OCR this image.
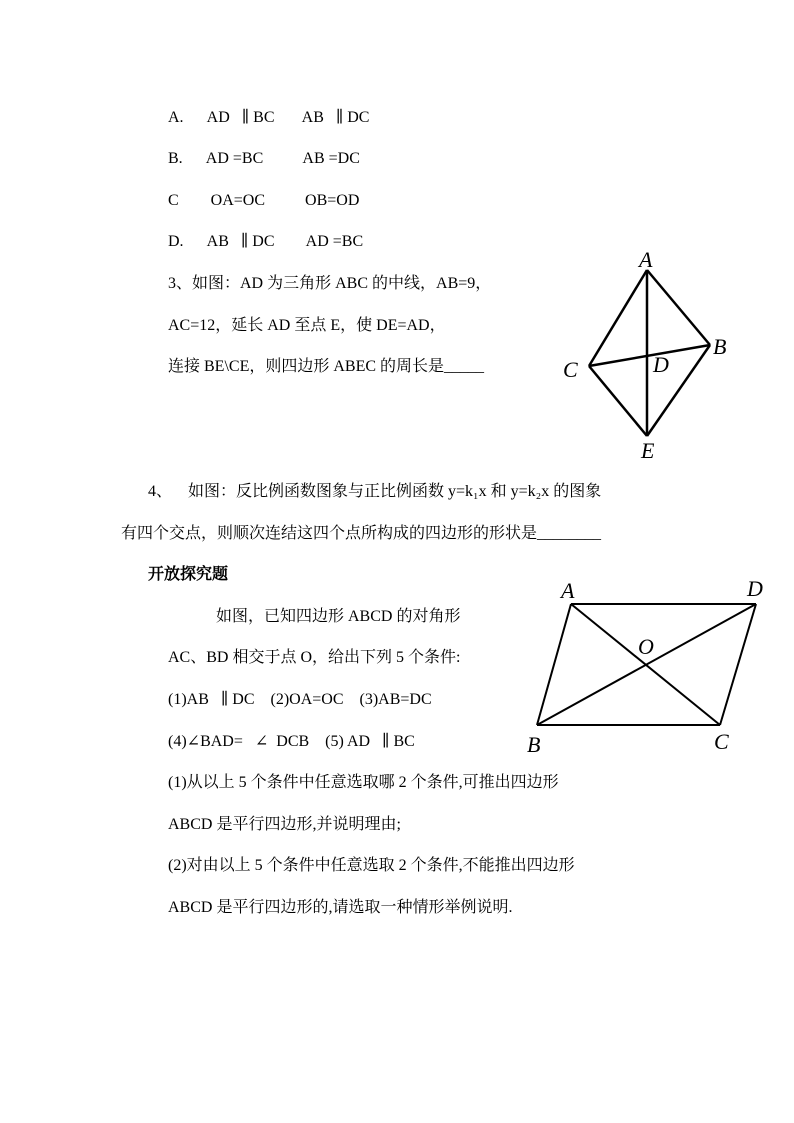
A.      AD   ∥ BC       AB   ∥ DC
B.      AD =BC          AB =DC
C        OA=OC          OB=OD
D.      AB   ∥ DC        AD =BC
3、如图：AD 为三角形 ABC 的中线，AB=9，
AC=12，延长 AD 至点 E，使 DE=AD，
连接 BE\CE，则四边形 ABEC 的周长是_____
A
B
C	D
E
4、    如图：反比例函数图象与正比例函数 y=k₁x 和 y=k₂x 的图象
有四个交点，则顺次连结这四个点所构成的四边形的形状是________
开放探究题
如图，已知四边形 ABCD 的对角形
AC、BD 相交于点 O，给出下列 5 个条件:
(1)AB   ∥ DC    (2)OA=OC    (3)AB=DC
(4)∠BAD=   ∠  DCB    (5) AD   ∥ BC
(1)从以上 5 个条件中任意选取哪 2 个条件,可推出四边形
ABCD 是平行四边形,并说明理由;
(2)对由以上 5 个条件中任意选取 2 个条件,不能推出四边形
ABCD 是平行四边形的,请选取一种情形举例说明.
A	D
B	C
O
